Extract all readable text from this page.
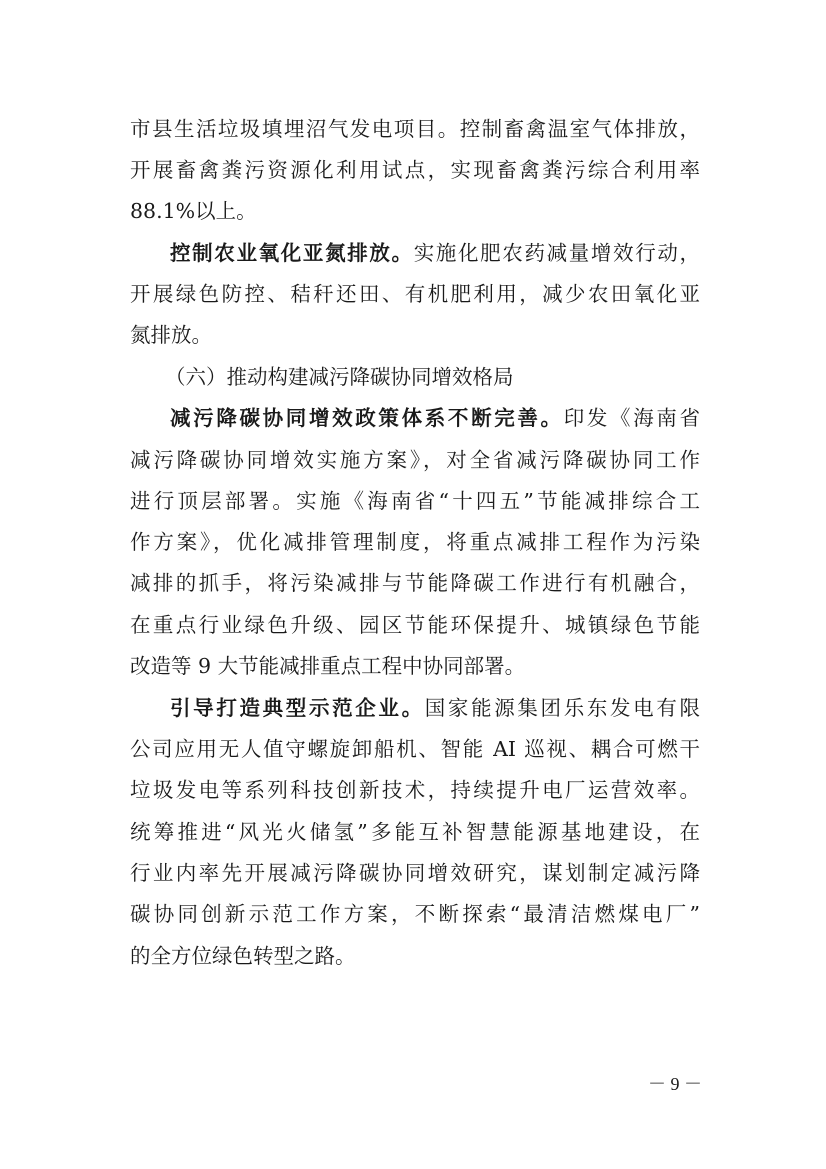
市县生活垃圾填埋沼气发电项目。控制畜禽温室气体排放，
开展畜禽粪污资源化利用试点，实现畜禽粪污综合利用率
88.1%以上。
控制农业氧化亚氮排放。实施化肥农药减量增效行动，
开展绿色防控、秸秆还田、有机肥利用，减少农田氧化亚
氮排放。
（六）推动构建减污降碳协同增效格局
减污降碳协同增效政策体系不断完善。印发《海南省
减污降碳协同增效实施方案》，对全省减污降碳协同工作
进行顶层部署。实施《海南省“十四五”节能减排综合工
作方案》，优化减排管理制度，将重点减排工程作为污染
减排的抓手，将污染减排与节能降碳工作进行有机融合，
在重点行业绿色升级、园区节能环保提升、城镇绿色节能
改造等 9 大节能减排重点工程中协同部署。
引导打造典型示范企业。国家能源集团乐东发电有限
公司应用无人值守螺旋卸船机、智能 AI 巡视、耦合可燃干
垃圾发电等系列科技创新技术，持续提升电厂运营效率。
统筹推进“风光火储氢”多能互补智慧能源基地建设，在
行业内率先开展减污降碳协同增效研究，谋划制定减污降
碳协同创新示范工作方案，不断探索“最清洁燃煤电厂”
的全方位绿色转型之路。
－ 9 －
